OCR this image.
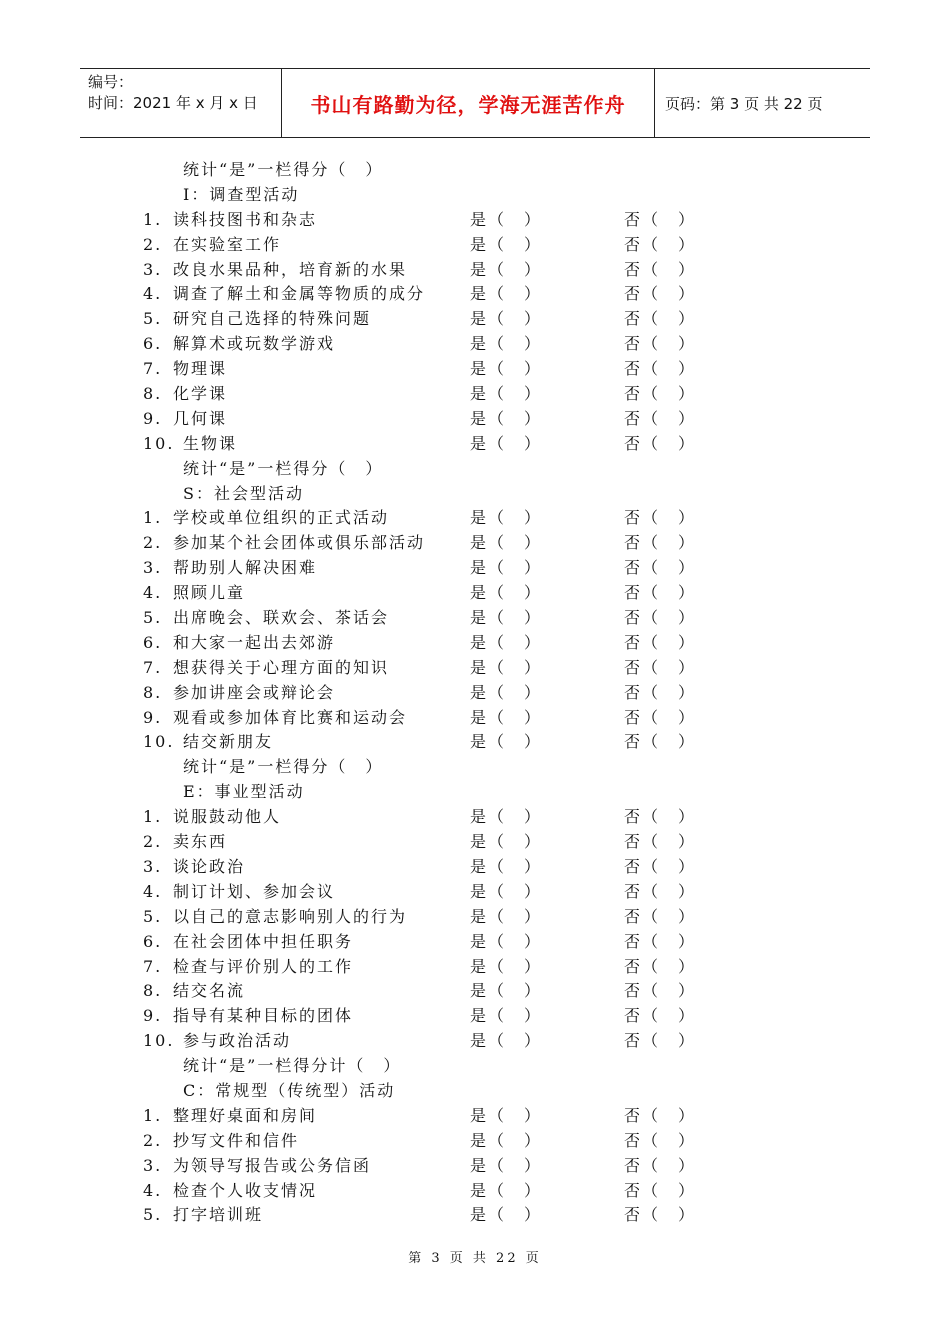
编号：
时间：2021 年 x 月 x 日	书山有路勤为径，学海无涯苦作舟	页码：第 3 页 共 22 页
统计“是”一栏得分（　）
I：调查型活动
1. 读科技图书和杂志	是（　）	否（　）
2. 在实验室工作	是（　）	否（　）
3. 改良水果品种，培育新的水果	是（　）	否（　）
4. 调查了解土和金属等物质的成分	是（　）	否（　）
5. 研究自己选择的特殊问题	是（　）	否（　）
6. 解算术或玩数学游戏	是（　）	否（　）
7. 物理课	是（　）	否（　）
8. 化学课	是（　）	否（　）
9. 几何课	是（　）	否（　）
10. 生物课	是（　）	否（　）
统计“是”一栏得分（　）
S：社会型活动
1. 学校或单位组织的正式活动	是（　）	否（　）
2. 参加某个社会团体或俱乐部活动	是（　）	否（　）
3. 帮助别人解决困难	是（　）	否（　）
4. 照顾儿童	是（　）	否（　）
5. 出席晚会、联欢会、茶话会	是（　）	否（　）
6. 和大家一起出去郊游	是（　）	否（　）
7. 想获得关于心理方面的知识	是（　）	否（　）
8. 参加讲座会或辩论会	是（　）	否（　）
9. 观看或参加体育比赛和运动会	是（　）	否（　）
10. 结交新朋友	是（　）	否（　）
统计“是”一栏得分（　）
E：事业型活动
1. 说服鼓动他人	是（　）	否（　）
2. 卖东西	是（　）	否（　）
3. 谈论政治	是（　）	否（　）
4. 制订计划、参加会议	是（　）	否（　）
5. 以自己的意志影响别人的行为	是（　）	否（　）
6. 在社会团体中担任职务	是（　）	否（　）
7. 检查与评价别人的工作	是（　）	否（　）
8. 结交名流	是（　）	否（　）
9. 指导有某种目标的团体	是（　）	否（　）
10. 参与政治活动	是（　）	否（　）
统计“是”一栏得分计（　）
C：常规型（传统型）活动
1. 整理好桌面和房间	是（　）	否（　）
2. 抄写文件和信件	是（　）	否（　）
3. 为领导写报告或公务信函	是（　）	否（　）
4. 检查个人收支情况	是（　）	否（　）
5. 打字培训班	是（　）	否（　）
第 3 页 共 22 页
